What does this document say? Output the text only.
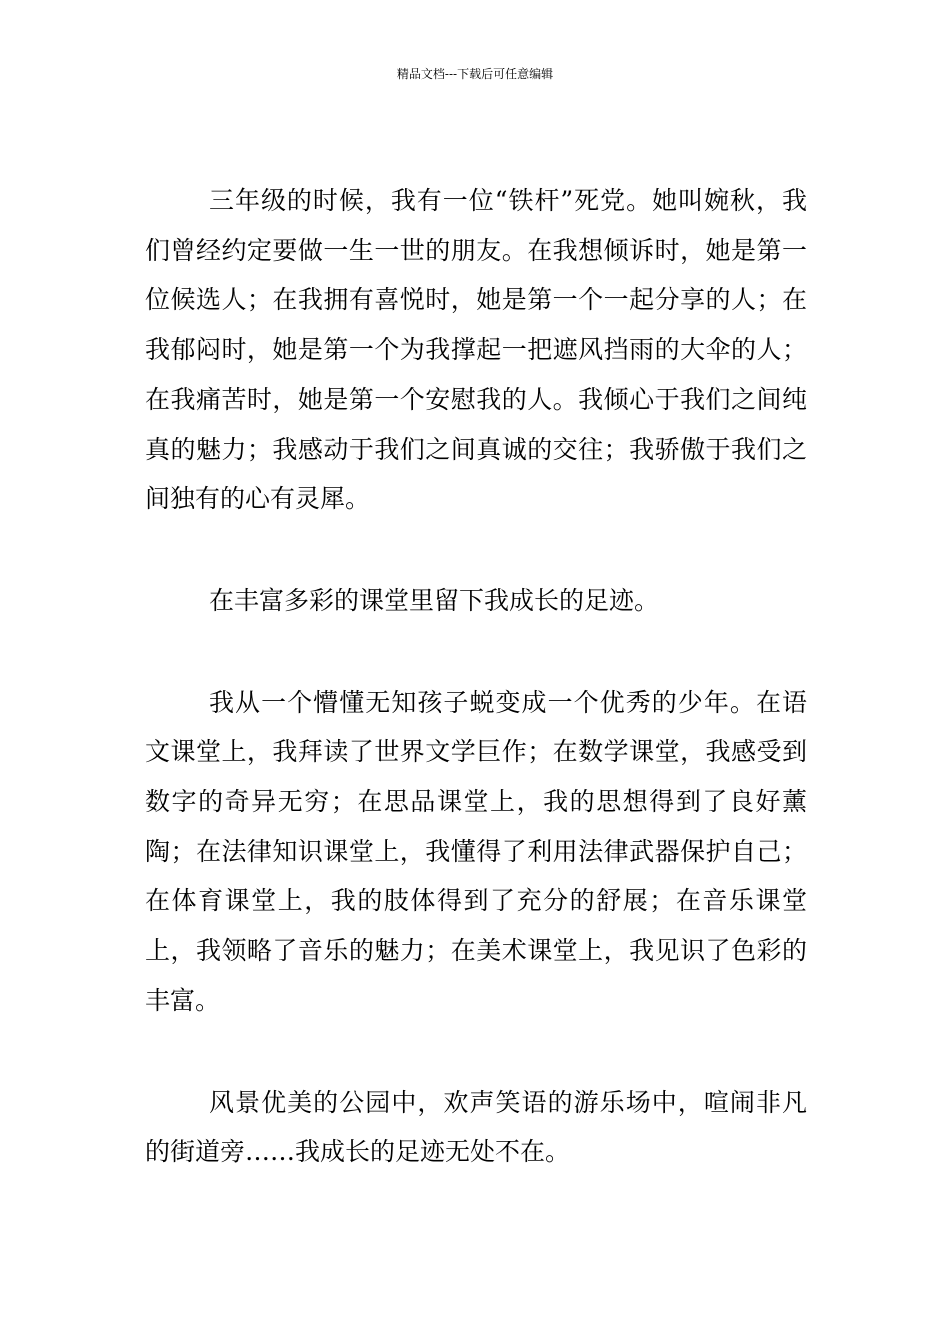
精品文档---下载后可任意编辑

三年级的时候，我有一位“铁杆”死党。她叫婉秋，我们曾经约定要做一生一世的朋友。在我想倾诉时，她是第一位候选人；在我拥有喜悦时，她是第一个一起分享的人；在我郁闷时，她是第一个为我撑起一把遮风挡雨的大伞的人；在我痛苦时，她是第一个安慰我的人。我倾心于我们之间纯真的魅力；我感动于我们之间真诚的交往；我骄傲于我们之间独有的心有灵犀。

在丰富多彩的课堂里留下我成长的足迹。

我从一个懵懂无知孩子蜕变成一个优秀的少年。在语文课堂上，我拜读了世界文学巨作；在数学课堂，我感受到数字的奇异无穷；在思品课堂上，我的思想得到了良好薰陶；在法律知识课堂上，我懂得了利用法律武器保护自己；在体育课堂上，我的肢体得到了充分的舒展；在音乐课堂上，我领略了音乐的魅力；在美术课堂上，我见识了色彩的丰富。

风景优美的公园中，欢声笑语的游乐场中，喧闹非凡的街道旁……我成长的足迹无处不在。
